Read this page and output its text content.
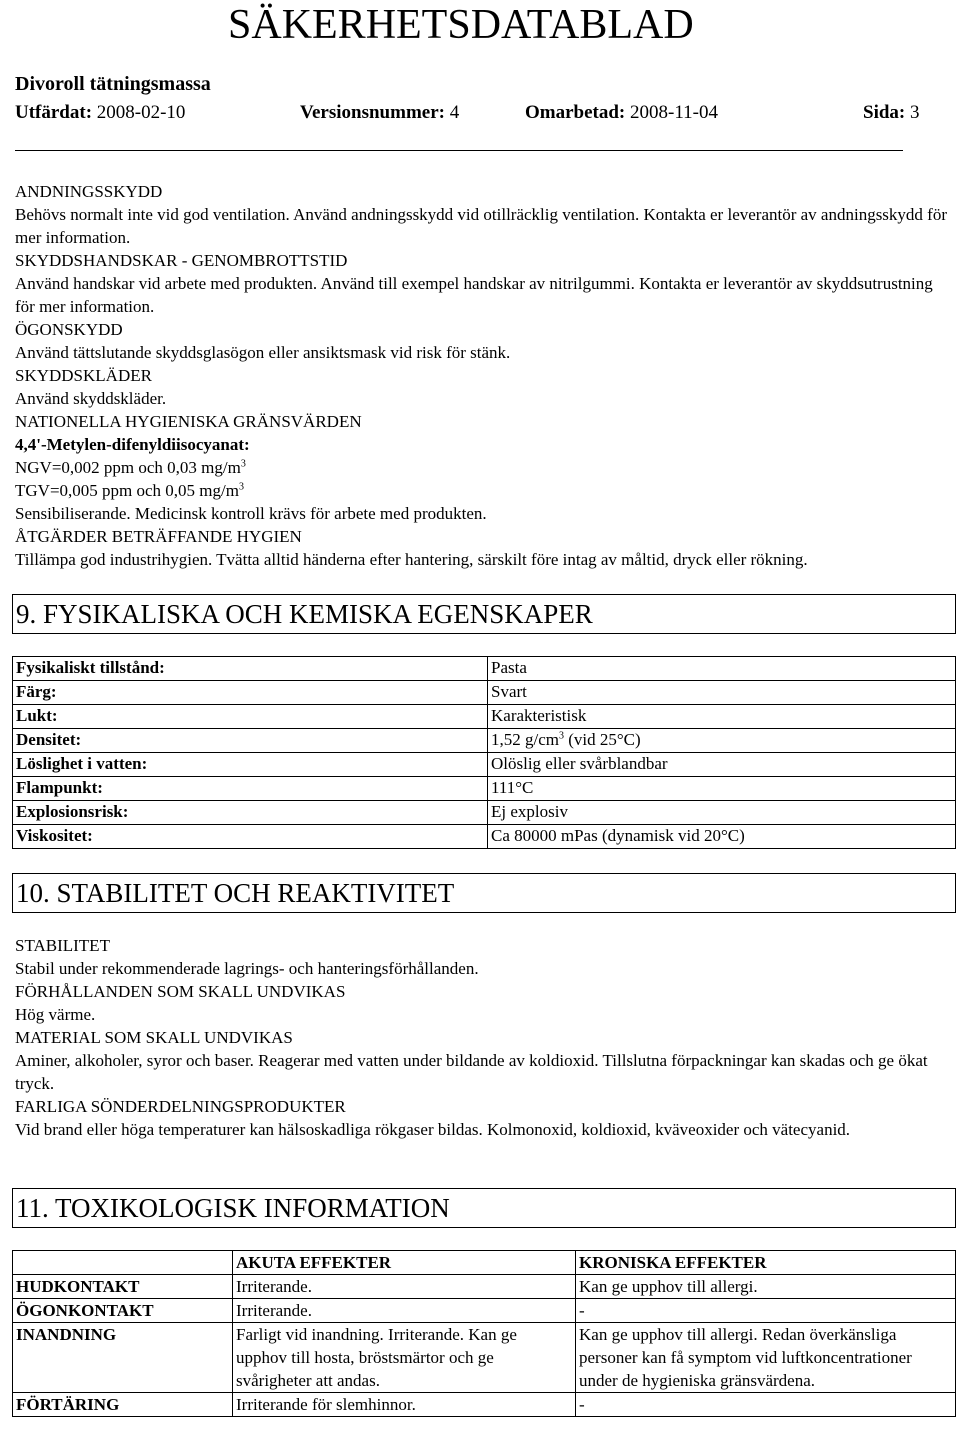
SÄKERHETSDATABLAD
Divoroll tätningsmassa
Utfärdat: 2008-02-10	Versionsnummer: 4	Omarbetad: 2008-11-04	Sida: 3

ANDNINGSSKYDD

Behövs normalt inte vid god ventilation. Använd andningsskydd vid otillräcklig ventilation. Kontakta er leverantör av andningsskydd för mer information.

SKYDDSHANDSKAR - GENOMBROTTSTID

Använd handskar vid arbete med produkten. Använd till exempel handskar av nitrilgummi. Kontakta er leverantör av skyddsutrustning för mer information.

ÖGONSKYDD

Använd tättslutande skyddsglasögon eller ansiktsmask vid risk för stänk.

SKYDDSKLÄDER

Använd skyddskläder.

NATIONELLA HYGIENISKA GRÄNSVÄRDEN

4,4'-Metylen-difenyldiisocyanat:

NGV=0,002 ppm och 0,03 $mg/m^3$

TGV=0,005 ppm och 0,05 $mg/m^3$

Sensibiliserande. Medicinsk kontroll krävs för arbete med produkten.

ÅTGÄRDER BETRÄFFANDE HYGIEN

Tillämpa god industrihygien. Tvätta alltid händerna efter hantering, särskilt före intag av måltid, dryck eller rökning.

9. FYSIKALISKA OCH KEMISKA EGENSKAPER
Fysikaliskt tillstånd:	Pasta
Färg:	Svart
Lukt:	Karakteristisk
Densitet:	1,52 $g/cm^3$ (vid 25°C)
Löslighet i vatten:	Olöslig eller svårblandbar
Flampunkt:	111°C
Explosionsrisk:	Ej explosiv
Viskositet:	Ca 80000 mPas (dynamisk vid 20°C)
10. STABILITET OCH REAKTIVITET

STABILITET

Stabil under rekommenderade lagrings- och hanteringsförhållanden.

FÖRHÅLLANDEN SOM SKALL UNDVIKAS

Hög värme.

MATERIAL SOM SKALL UNDVIKAS

Aminer, alkoholer, syror och baser. Reagerar med vatten under bildande av koldioxid. Tillslutna förpackningar kan skadas och ge ökat tryck.

FARLIGA SÖNDERDELNINGSPRODUKTER

Vid brand eller höga temperaturer kan hälsoskadliga rökgaser bildas. Kolmonoxid, koldioxid, kväveoxider och vätecyanid.

11. TOXIKOLOGISK INFORMATION
	AKUTA EFFEKTER	KRONISKA EFFEKTER
HUDKONTAKT	Irriterande.	Kan ge upphov till allergi.
ÖGONKONTAKT	Irriterande.	-
INANDNING	Farligt vid inandning. Irriterande. Kan ge upphov till hosta, bröstsmärtor och ge svårigheter att andas.	Kan ge upphov till allergi. Redan överkänsliga personer kan få symptom vid luftkoncentrationer under de hygieniska gränsvärdena.
FÖRTÄRING	Irriterande för slemhinnor.	-
